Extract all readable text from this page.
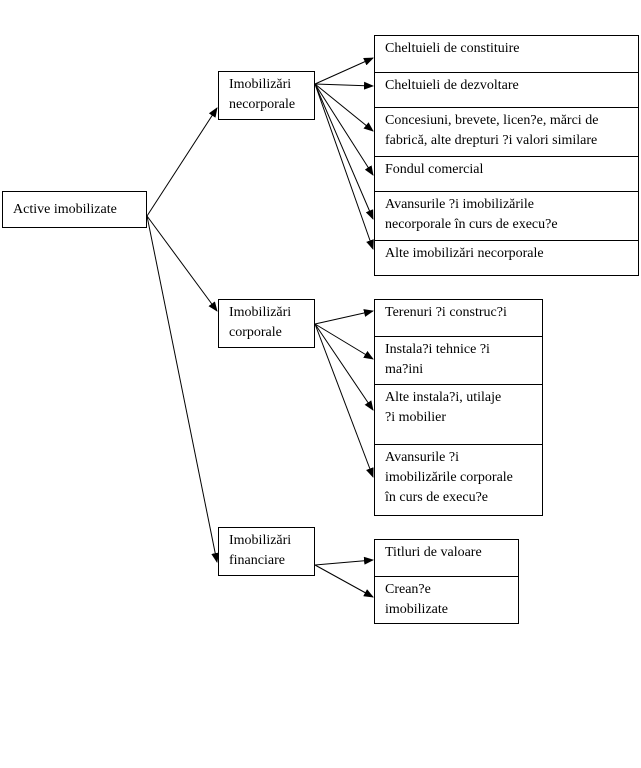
Active imobilizate
Imobilizări
necorporale
Imobilizări
corporale
Imobilizări
financiare
Cheltuieli de constituire
Cheltuieli de dezvoltare
Concesiuni, brevete, licen?e, mărci de
fabrică, alte drepturi ?i valori similare
Fondul comercial
Avansurile ?i imobilizările
necorporale în curs de execu?e
Alte imobilizări necorporale
Terenuri ?i construc?i
Instala?i tehnice ?i
ma?ini
Alte instala?i, utilaje
?i mobilier
Avansurile ?i
imobilizările corporale
în curs de execu?e
Titluri de valoare
Crean?e
imobilizate
